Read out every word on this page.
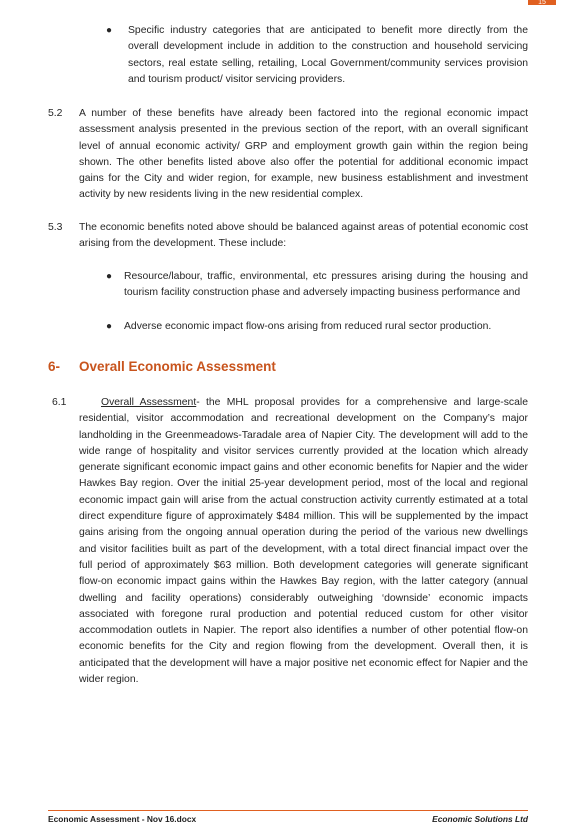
15
● Specific industry categories that are anticipated to benefit more directly from the overall development include in addition to the construction and household servicing sectors, real estate selling, retailing, Local Government/community services provision and tourism product/ visitor servicing providers.
5.2 A number of these benefits have already been factored into the regional economic impact assessment analysis presented in the previous section of the report, with an overall significant level of annual economic activity/ GRP and employment growth gain within the region being shown. The other benefits listed above also offer the potential for additional economic impact gains for the City and wider region, for example, new business establishment and investment activity by new residents living in the new residential complex.
5.3 The economic benefits noted above should be balanced against areas of potential economic cost arising from the development. These include:
● Resource/labour, traffic, environmental, etc pressures arising during the housing and tourism facility construction phase and adversely impacting business performance and
● Adverse economic impact flow-ons arising from reduced rural sector production.
6- Overall Economic Assessment
6.1	Overall Assessment- the MHL proposal provides for a comprehensive and large-scale residential, visitor accommodation and recreational development on the Company’s major landholding in the Greenmeadows-Taradale area of Napier City. The development will add to the wide range of hospitality and visitor services currently provided at the location which already generate significant economic impact gains and other economic benefits for Napier and the wider Hawkes Bay region. Over the initial 25-year development period, most of the local and regional economic impact gain will arise from the actual construction activity currently estimated at a total direct expenditure figure of approximately $484 million. This will be supplemented by the impact gains arising from the ongoing annual operation during the period of the various new dwellings and visitor facilities built as part of the development, with a total direct financial impact over the full period of approximately $63 million. Both development categories will generate significant flow-on economic impact gains within the Hawkes Bay region, with the latter category (annual dwelling and facility operations) considerably outweighing ‘downside’ economic impacts associated with foregone rural production and potential reduced custom for other visitor accommodation outlets in Napier. The report also identifies a number of other potential flow-on economic benefits for the City and region flowing from the development. Overall then, it is anticipated that the development will have a major positive net economic effect for Napier and the wider region.
Economic Assessment - Nov 16.docx	Economic Solutions Ltd
